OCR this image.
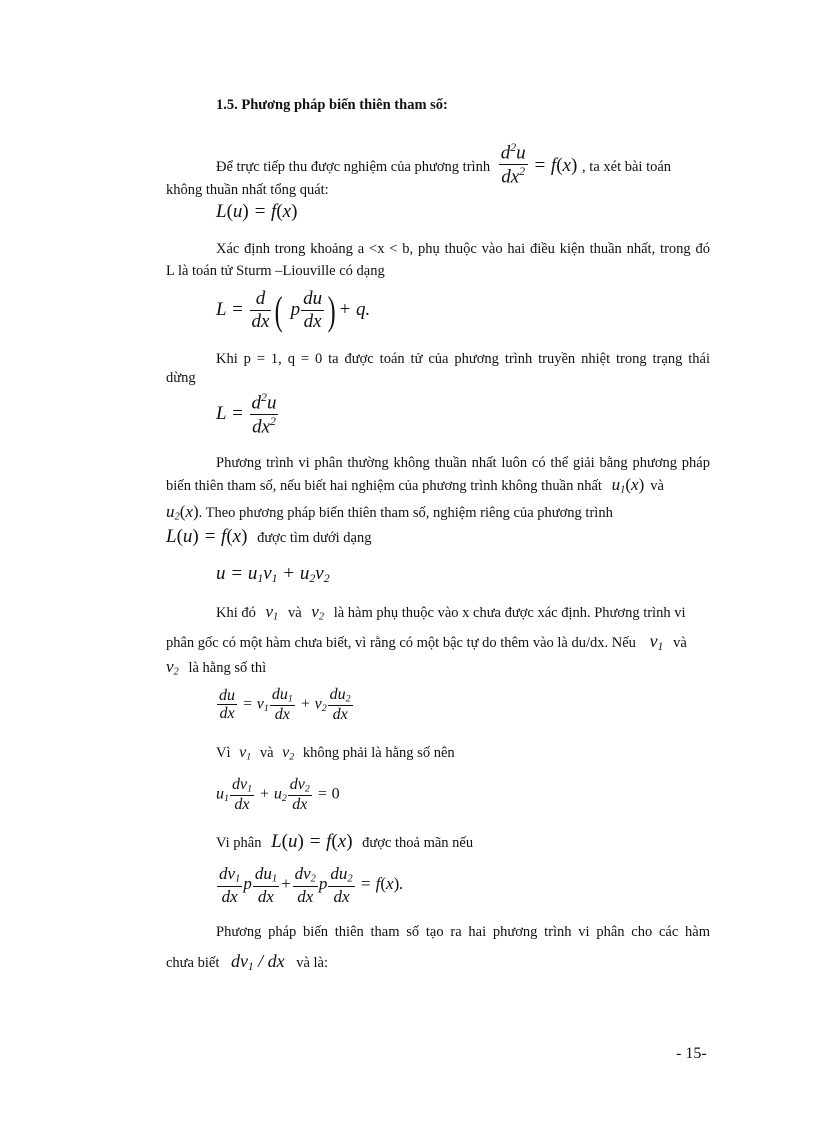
1.5. Phương pháp biến thiên tham số:
Để trực tiếp thu được nghiệm của phương trình $\frac{d^2u}{dx^2} = f(x)$ , ta xét bài toán
không thuần nhất tổng quát:
L(u) = f(x)
Xác định trong khoảng a <x < b, phụ thuộc vào hai điều kiện thuần nhất, trong đó
L là toán tử Sturm –Liouville có dạng
$L = \frac{d}{dx}$ ( p $\frac{du}{dx}$ ) + q.
Khi p = 1, q = 0 ta được toán tử của phương trình truyền nhiệt trong trạng thái
dừng
$L = \frac{d^2u}{dx^2}$
Phương trình vi phân thường không thuần nhất luôn có thể giải bằng phương pháp
biến thiên tham số, nếu biết hai nghiệm của phương trình không thuần nhất $u_1(x)$ và
$u_2(x)$. Theo phương pháp biến thiên tham số, nghiệm riêng của phương trình
L(u) = f(x) được tìm dưới dạng
$u = u_1v_1 + u_2v_2$
Khi đó $v_1$ và $v_2$ là hàm phụ thuộc vào x chưa được xác định. Phương trình vi
phân gốc có một hàm chưa biết, vì rằng có một bậc tự do thêm vào là du/dx. Nếu $v_1$ và
$v_2$ là hằng số thì
$\frac{du}{dx} = v_1 \frac{du_1}{dx} + v_2 \frac{du_2}{dx}$
Vì $v_1$ và $v_2$ không phải là hằng số nên
$u_1 \frac{dv_1}{dx} + u_2 \frac{dv_2}{dx} = 0$
Vi phân L(u) = f(x) được thoả mãn nếu
$\frac{dv_1}{dx}$ p $\frac{du_1}{dx} + \frac{dv_2}{dx}$ p $\frac{du_2}{dx} = f(x)$.
Phương pháp biến thiên tham số tạo ra hai phương trình vi phân cho các hàm
chưa biết $dv_1$ / dx và là:
- 15-
